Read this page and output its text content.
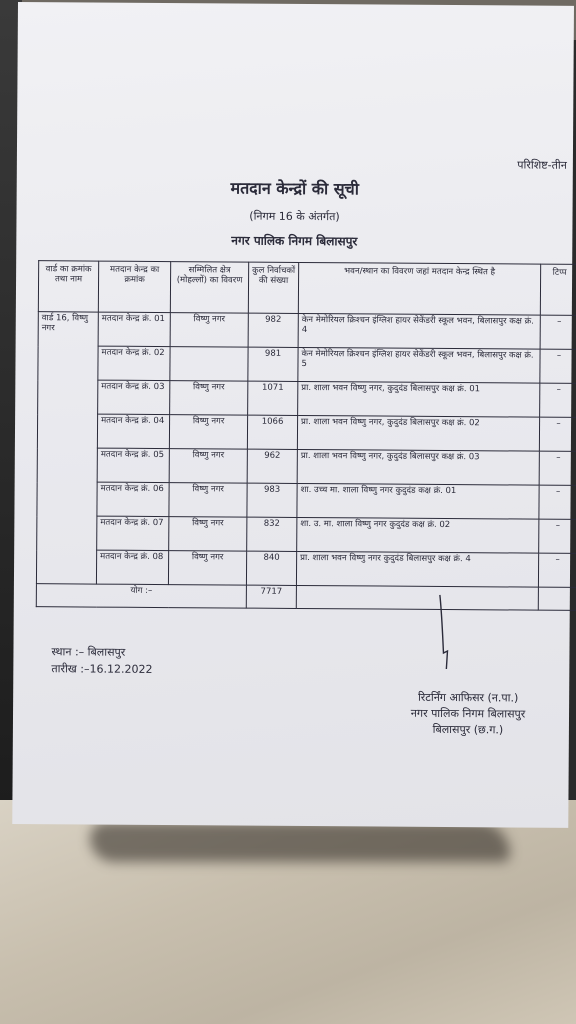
परिशिष्ट-तीन
मतदान केन्द्रों की सूची
(निगम 16 के अंतर्गत)
नगर पालिक निगम बिलासपुर
वार्ड का क्रमांक तथा नाम	मतदान केन्द्र का क्रमांक	सम्मिलित क्षेत्र (मोहल्लों) का विवरण	कुल निर्वाचकों की संख्या	भवन/स्थान का विवरण जहां मतदान केन्द्र स्थित है	टिप्प
वार्ड 16, विष्णु नगर	मतदान केन्द्र क्रं. 01	विष्णु नगर	982	केन मेमोरियल क्रिश्चन इंग्लिश हायर सेकेंडरी स्कूल भवन, बिलासपुर कक्ष क्रं. 4	–
	मतदान केन्द्र क्रं. 02		981	केन मेमोरियल क्रिश्चन इंग्लिश हायर सेकेंडरी स्कूल भवन, बिलासपुर कक्ष क्रं. 5	–
	मतदान केन्द्र क्रं. 03	विष्णु नगर	1071	प्रा. शाला भवन विष्णु नगर, कुदुदंड बिलासपुर कक्ष क्रं. 01	–
	मतदान केन्द्र क्रं. 04	विष्णु नगर	1066	प्रा. शाला भवन विष्णु नगर, कुदुदंड बिलासपुर कक्ष क्रं. 02	–
	मतदान केन्द्र क्रं. 05	विष्णु नगर	962	प्रा. शाला भवन विष्णु नगर, कुदुदंड बिलासपुर कक्ष क्रं. 03	–
	मतदान केन्द्र क्रं. 06	विष्णु नगर	983	शा. उच्च मा. शाला विष्णु नगर कुदुदंड कक्ष क्रं. 01	–
	मतदान केन्द्र क्रं. 07	विष्णु नगर	832	शा. उ. मा. शाला विष्णु नगर कुदुदंड कक्ष क्रं. 02	–
	मतदान केन्द्र क्रं. 08	विष्णु नगर	840	प्रा. शाला भवन विष्णु नगर कुदुदंड बिलासपुर कक्ष क्रं. 4	–
योग :–			7717		
स्थान :– बिलासपुर
तारीख :–16.12.2022
रिटर्निंग आफिसर (न.पा.)
नगर पालिक निगम बिलासपुर
बिलासपुर (छ.ग.)
